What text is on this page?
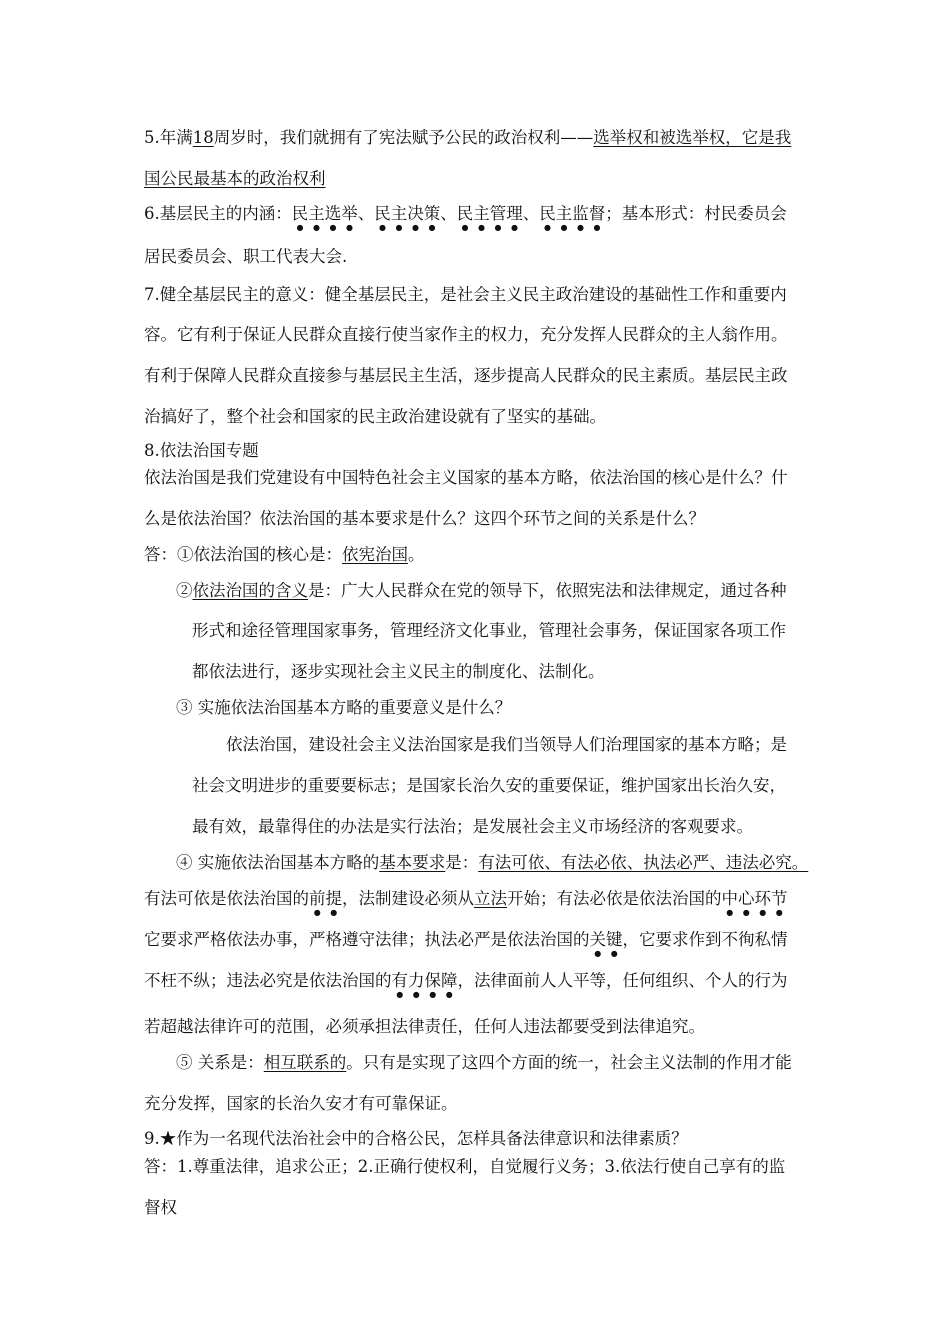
5.年满18周岁时，我们就拥有了宪法赋予公民的政治权利——选举权和被选举权，它是我
国公民最基本的政治权利
6.基层民主的内涵：民主选举、民主决策、民主管理、民主监督；基本形式：村民委员会
居民委员会、职工代表大会.
7.健全基层民主的意义：健全基层民主，是社会主义民主政治建设的基础性工作和重要内
容。它有利于保证人民群众直接行使当家作主的权力，充分发挥人民群众的主人翁作用。
有利于保障人民群众直接参与基层民主生活，逐步提高人民群众的民主素质。基层民主政
治搞好了，整个社会和国家的民主政治建设就有了坚实的基础。
8.依法治国专题
依法治国是我们党建设有中国特色社会主义国家的基本方略，依法治国的核心是什么？什
么是依法治国？依法治国的基本要求是什么？这四个环节之间的关系是什么？
答：①依法治国的核心是：依宪治国。
②依法治国的含义是：广大人民群众在党的领导下，依照宪法和法律规定，通过各种
形式和途径管理国家事务，管理经济文化事业，管理社会事务，保证国家各项工作
都依法进行，逐步实现社会主义民主的制度化、法制化。
③ 实施依法治国基本方略的重要意义是什么？
依法治国，建设社会主义法治国家是我们当领导人们治理国家的基本方略；是
社会文明进步的重要要标志；是国家长治久安的重要保证，维护国家出长治久安，
最有效，最靠得住的办法是实行法治；是发展社会主义市场经济的客观要求。
④ 实施依法治国基本方略的基本要求是：有法可依、有法必依、执法必严、违法必究。
有法可依是依法治国的前提，法制建设必须从立法开始；有法必依是依法治国的中心环节
它要求严格依法办事，严格遵守法律；执法必严是依法治国的关键，它要求作到不徇私情
不枉不纵；违法必究是依法治国的有力保障，法律面前人人平等，任何组织、个人的行为
若超越法律许可的范围，必须承担法律责任，任何人违法都要受到法律追究。
⑤ 关系是：相互联系的。只有是实现了这四个方面的统一，社会主义法制的作用才能
充分发挥，国家的长治久安才有可靠保证。
9.★作为一名现代法治社会中的合格公民，怎样具备法律意识和法律素质？
答：1.尊重法律，追求公正；2.正确行使权利，自觉履行义务；3.依法行使自己享有的监
督权
